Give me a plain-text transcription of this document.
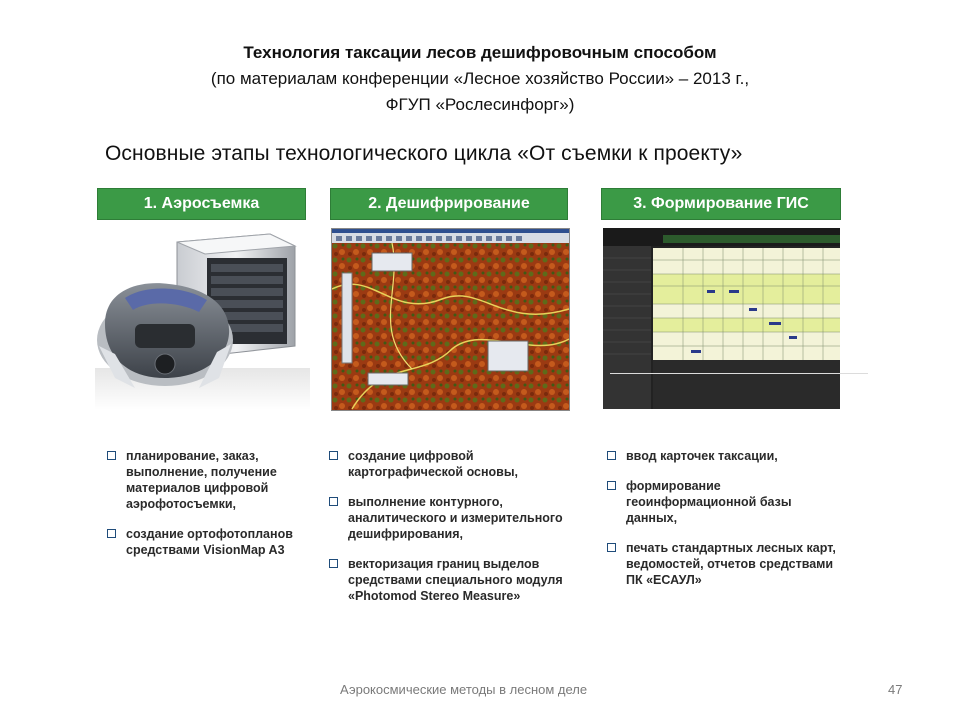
Технология таксации лесов дешифровочным способом
(по материалам конференции «Лесное хозяйство России» – 2013 г.,
ФГУП «Рослесинфорг»)
Основные этапы технологического цикла «От съемки к проекту»
1. Аэросъемка	2. Дешифрирование	3. Формирование ГИС
планирование, заказ, выполнение, получение материалов цифровой аэрофотосъемки,
создание ортофотопланов средствами VisionMap A3
создание цифровой картографической основы,
выполнение контурного, аналитического и измерительного дешифрирования,
векторизация границ выделов средствами специального модуля «Photomod Stereo Measure»
ввод карточек таксации,
формирование геоинформационной базы данных,
печать стандартных лесных карт, ведомостей, отчетов средствами ПК «ЕСАУЛ»
Аэрокосмические методы в лесном деле	47
